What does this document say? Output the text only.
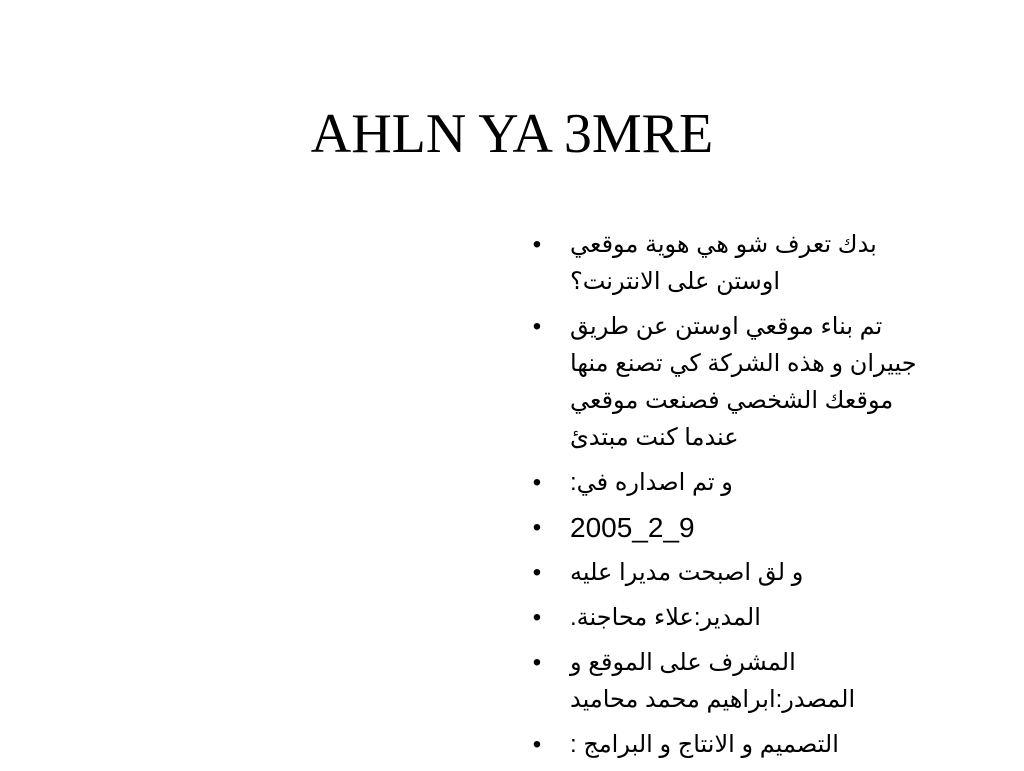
AHLN YA 3MRE
• بدك تعرف شو هي هوية موقعي اوستن على الانترنت؟
• تم بناء موقعي اوستن عن طريق جييران و هذه الشركة كي تصنع منها موقعك الشخصي فصنعت موقعي عندما كنت مبتدئ
• و تم اصداره في:
• 2005_2_9
• و لق اصبحت مديرا عليه
• المدير:علاء محاجنة.
• المشرف على الموقع و المصدر:ابراهيم محمد محاميد
• التصميم و الانتاج و البرامج :
